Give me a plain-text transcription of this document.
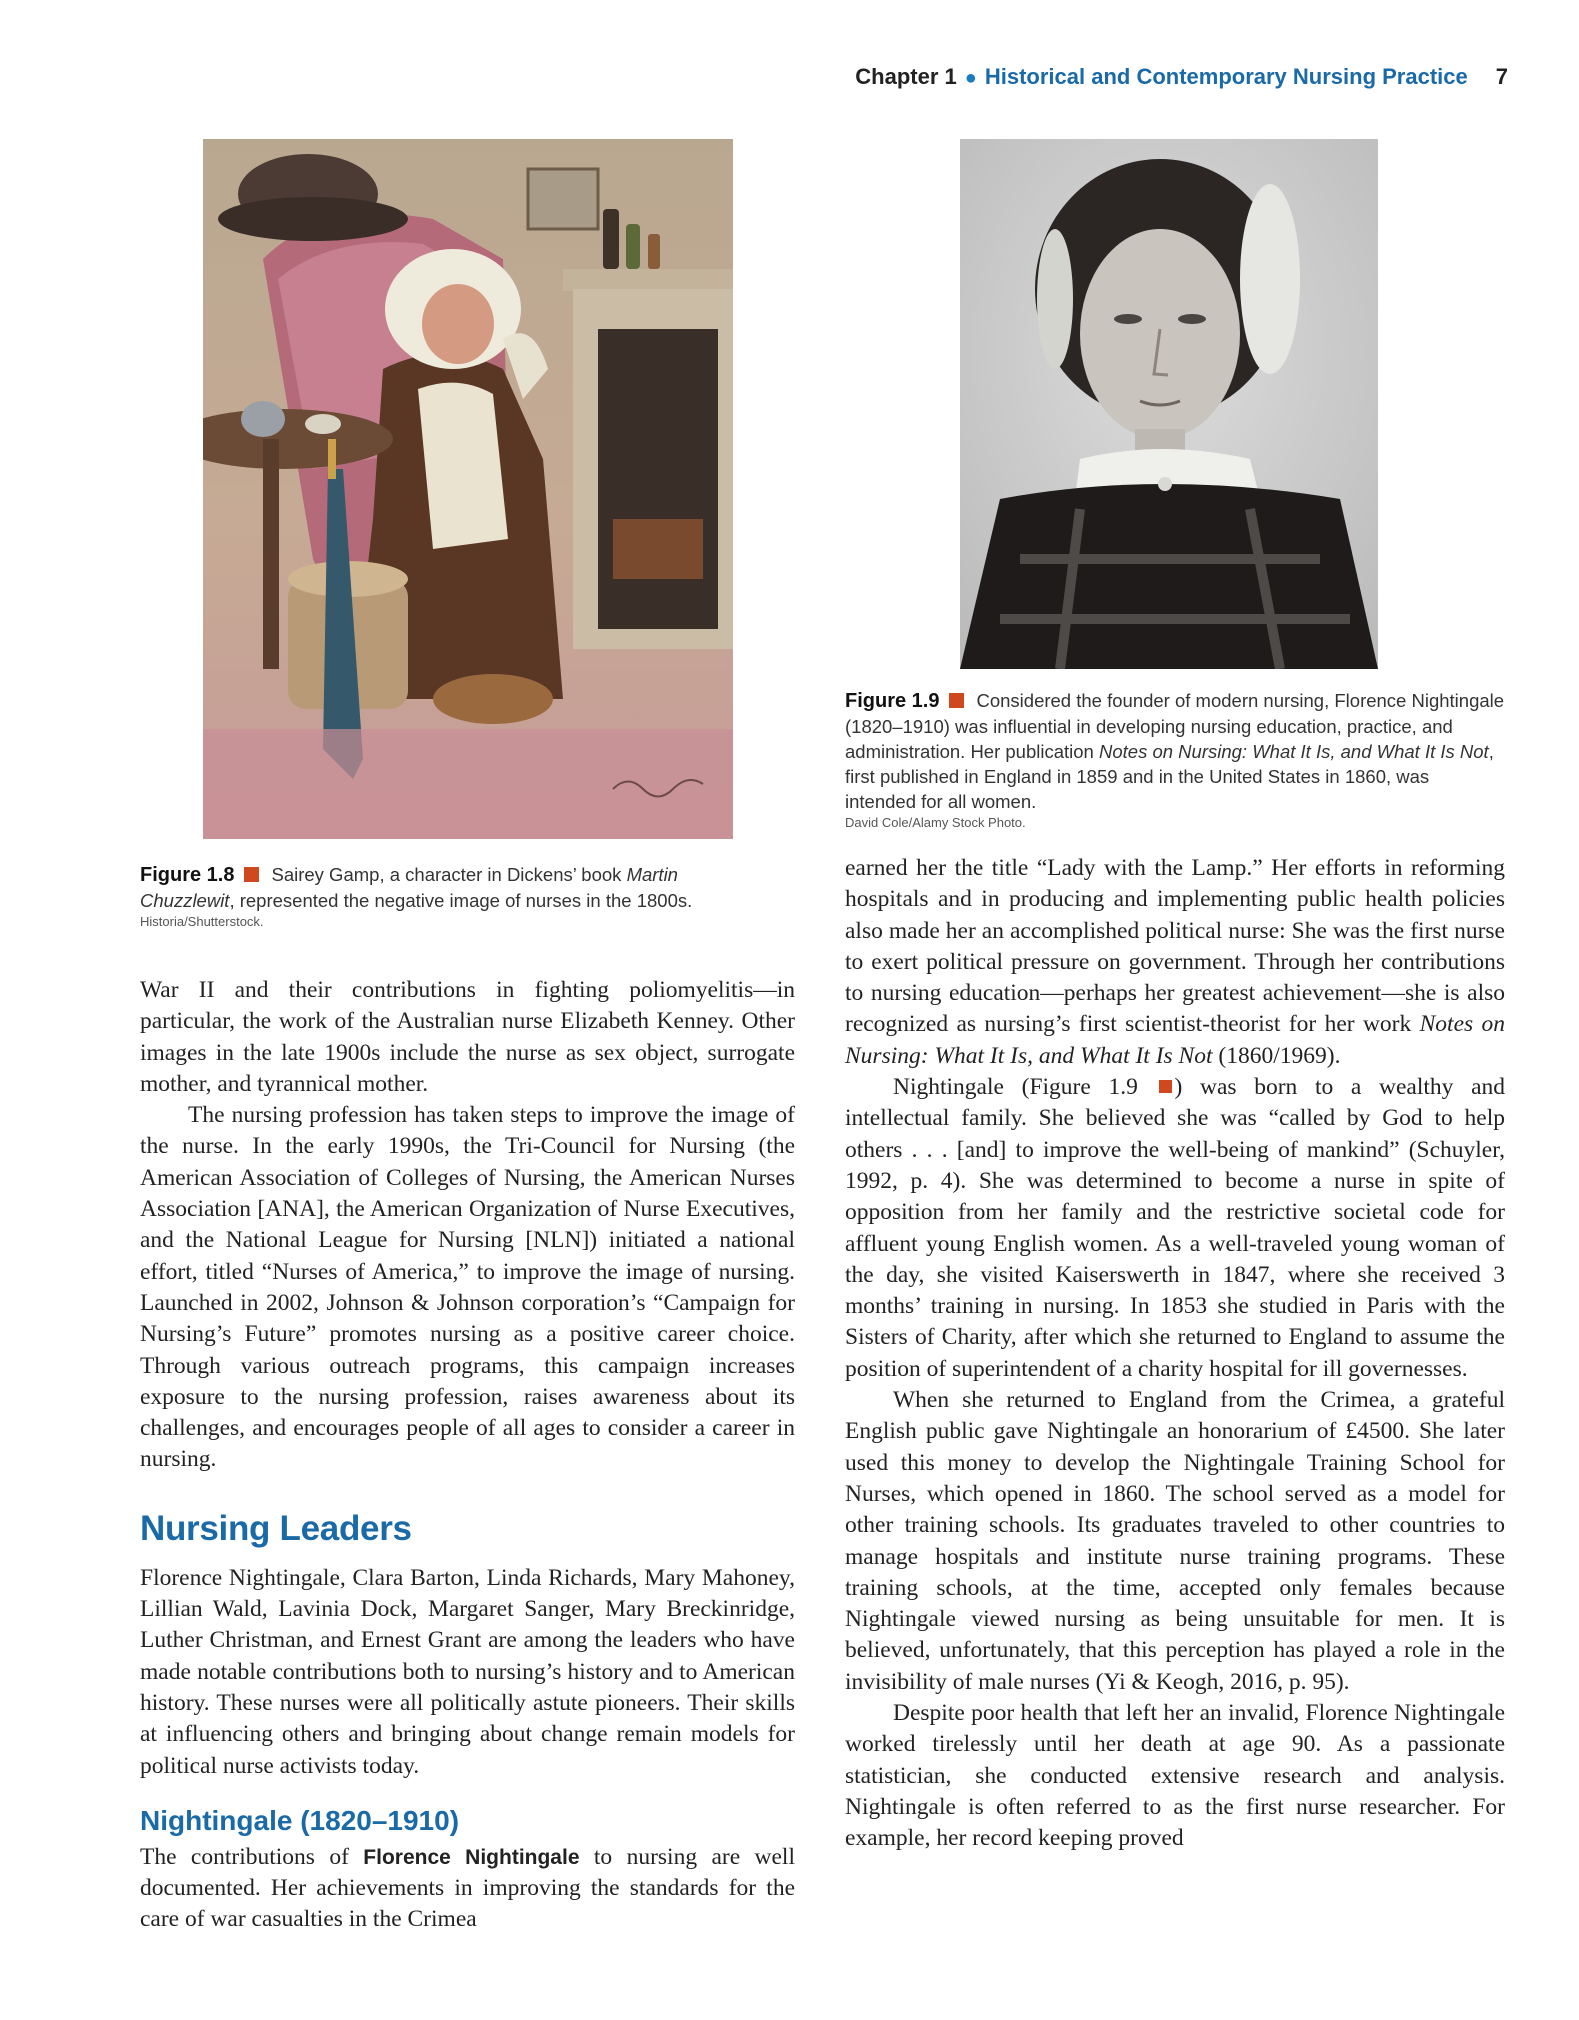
Chapter 1 ● Historical and Contemporary Nursing Practice 7
Figure 1.9 Considered the founder of modern nursing, Florence Nightingale (1820–1910) was influential in developing nursing education, practice, and administration. Her publication Notes on Nursing: What It Is, and What It Is Not, first published in England in 1859 and in the United States in 1860, was intended for all women.
David Cole/Alamy Stock Photo.
Figure 1.8 Sairey Gamp, a character in Dickens’ book Martin Chuzzlewit, represented the negative image of nurses in the 1800s.
Historia/Shutterstock.

War II and their contributions in fighting poliomyelitis—in particular, the work of the Australian nurse Elizabeth Kenney. Other images in the late 1900s include the nurse as sex object, surrogate mother, and tyrannical mother.

The nursing profession has taken steps to improve the image of the nurse. In the early 1990s, the Tri-Council for Nursing (the American Association of Colleges of Nursing, the American Nurses Association [ANA], the American Organization of Nurse Executives, and the National League for Nursing [NLN]) initiated a national effort, titled “Nurses of America,” to improve the image of nursing. Launched in 2002, Johnson & Johnson corporation’s “Campaign for Nursing’s Future” promotes nursing as a positive career choice. Through various outreach programs, this campaign increases exposure to the nursing profession, raises awareness about its challenges, and encourages people of all ages to consider a career in nursing.

Nursing Leaders

Florence Nightingale, Clara Barton, Linda Richards, Mary Mahoney, Lillian Wald, Lavinia Dock, Margaret Sanger, Mary Breckinridge, Luther Christman, and Ernest Grant are among the leaders who have made notable contributions both to nursing’s history and to American history. These nurses were all politically astute pioneers. Their skills at influencing others and bringing about change remain models for political nurse activists today.

Nightingale (1820–1910)

The contributions of Florence Nightingale to nursing are well documented. Her achievements in improving the standards for the care of war casualties in the Crimea

earned her the title “Lady with the Lamp.” Her efforts in reforming hospitals and in producing and implementing public health policies also made her an accomplished political nurse: She was the first nurse to exert political pressure on government. Through her contributions to nursing education—perhaps her greatest achievement—she is also recognized as nursing’s first scientist-theorist for her work Notes on Nursing: What It Is, and What It Is Not (1860/1969).

Nightingale (Figure 1.9 ) was born to a wealthy and intellectual family. She believed she was “called by God to help others . . . [and] to improve the well-being of mankind” (Schuyler, 1992, p. 4). She was determined to become a nurse in spite of opposition from her family and the restrictive societal code for affluent young English women. As a well-traveled young woman of the day, she visited Kaiserswerth in 1847, where she received 3 months’ training in nursing. In 1853 she studied in Paris with the Sisters of Charity, after which she returned to England to assume the position of superintendent of a charity hospital for ill governesses.

When she returned to England from the Crimea, a grateful English public gave Nightingale an honorarium of £4500. She later used this money to develop the Nightingale Training School for Nurses, which opened in 1860. The school served as a model for other training schools. Its graduates traveled to other countries to manage hospitals and institute nurse training programs. These training schools, at the time, accepted only females because Nightingale viewed nursing as being unsuitable for men. It is believed, unfortunately, that this perception has played a role in the invisibility of male nurses (Yi & Keogh, 2016, p. 95).

Despite poor health that left her an invalid, Florence Nightingale worked tirelessly until her death at age 90. As a passionate statistician, she conducted extensive research and analysis. Nightingale is often referred to as the first nurse researcher. For example, her record keeping proved
